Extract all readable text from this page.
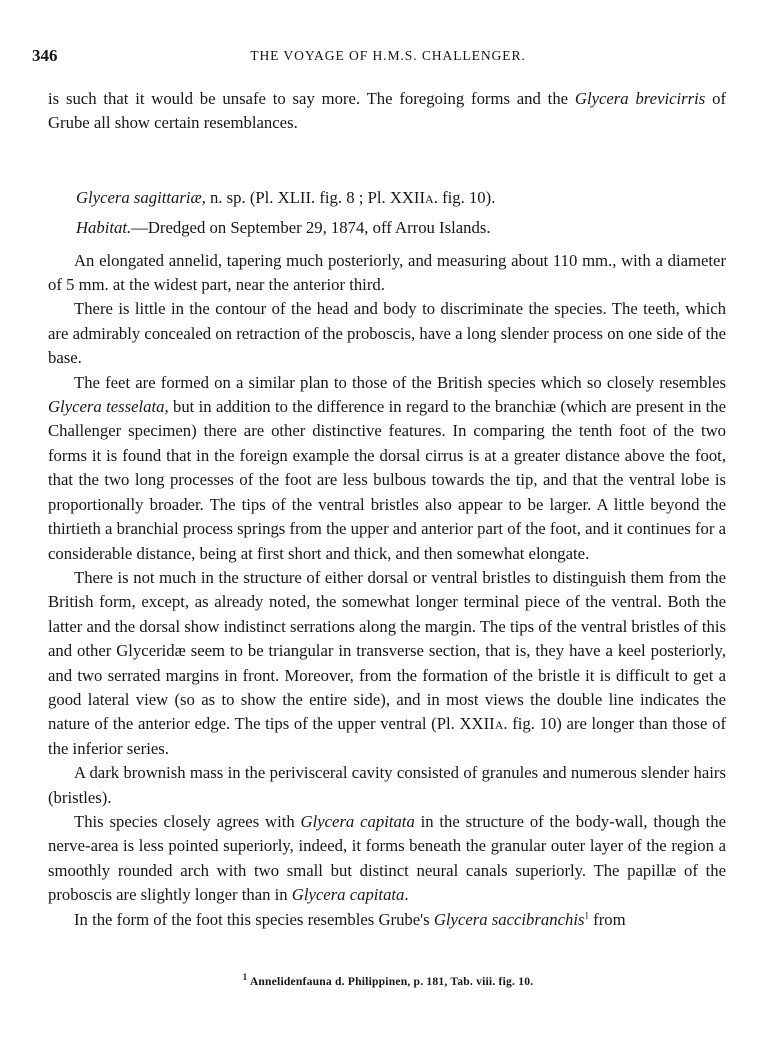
346	THE VOYAGE OF H.M.S. CHALLENGER.

is such that it would be unsafe to say more. The foregoing forms and the Glycera brevicirris of Grube all show certain resemblances.

Glycera sagittariæ, n. sp. (Pl. XLII. fig. 8 ; Pl. XXIIa. fig. 10).

Habitat.—Dredged on September 29, 1874, off Arrou Islands.

An elongated annelid, tapering much posteriorly, and measuring about 110 mm., with a diameter of 5 mm. at the widest part, near the anterior third.

There is little in the contour of the head and body to discriminate the species. The teeth, which are admirably concealed on retraction of the proboscis, have a long slender process on one side of the base.

The feet are formed on a similar plan to those of the British species which so closely resembles Glycera tesselata, but in addition to the difference in regard to the branchiæ (which are present in the Challenger specimen) there are other distinctive features. In comparing the tenth foot of the two forms it is found that in the foreign example the dorsal cirrus is at a greater distance above the foot, that the two long processes of the foot are less bulbous towards the tip, and that the ventral lobe is proportionally broader. The tips of the ventral bristles also appear to be larger. A little beyond the thirtieth a branchial process springs from the upper and anterior part of the foot, and it continues for a considerable distance, being at first short and thick, and then somewhat elongate.

There is not much in the structure of either dorsal or ventral bristles to distinguish them from the British form, except, as already noted, the somewhat longer terminal piece of the ventral. Both the latter and the dorsal show indistinct serrations along the margin. The tips of the ventral bristles of this and other Glyceridæ seem to be triangular in transverse section, that is, they have a keel posteriorly, and two serrated margins in front. Moreover, from the formation of the bristle it is difficult to get a good lateral view (so as to show the entire side), and in most views the double line indicates the nature of the anterior edge. The tips of the upper ventral (Pl. XXIIa. fig. 10) are longer than those of the inferior series.

A dark brownish mass in the perivisceral cavity consisted of granules and numerous slender hairs (bristles).

This species closely agrees with Glycera capitata in the structure of the body-wall, though the nerve-area is less pointed superiorly, indeed, it forms beneath the granular outer layer of the region a smoothly rounded arch with two small but distinct neural canals superiorly. The papillæ of the proboscis are slightly longer than in Glycera capitata.

In the form of the foot this species resembles Grube's Glycera saccibranchis$^1$ from

$^1$ Annelidenfauna d. Philippinen, p. 181, Tab. viii. fig. 10.
